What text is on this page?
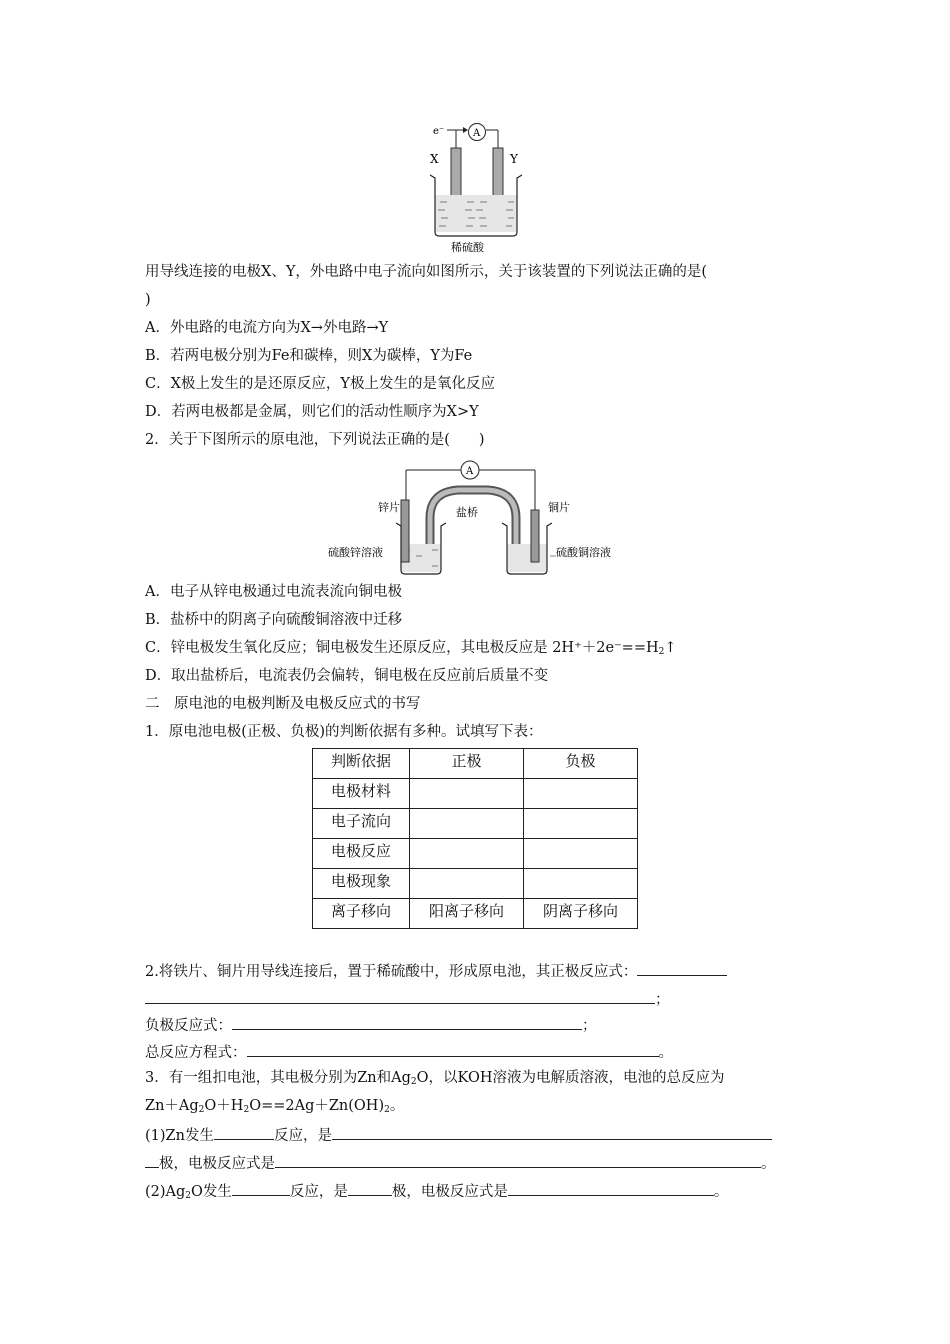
e⁻	A
X	Y
稀硫酸
用导线连接的电极X、Y，外电路中电子流向如图所示，关于该装置的下列说法正确的是(
)
A．外电路的电流方向为X→外电路→Y
B．若两电极分别为Fe和碳棒，则X为碳棒，Y为Fe
C．X极上发生的是还原反应，Y极上发生的是氧化反应
D．若两电极都是金属，则它们的活动性顺序为X>Y
2．关于下图所示的原电池，下列说法正确的是(　　)
A
锌片	盐桥	铜片
硫酸锌溶液	硫酸铜溶液
A．电子从锌电极通过电流表流向铜电极
B．盐桥中的阴离子向硫酸铜溶液中迁移
C．锌电极发生氧化反应；铜电极发生还原反应，其电极反应是 $2H^++2e^-==H_2↑$
D．取出盐桥后，电流表仍会偏转，铜电极在反应前后质量不变
二　原电池的电极判断及电极反应式的书写
1．原电池电极(正极、负极)的判断依据有多种。试填写下表：
判断依据	正极	负极
电极材料		
电子流向		
电极反应		
电极现象		
离子移向	阳离子移向	阴离子移向
2.将铁片、铜片用导线连接后，置于稀硫酸中，形成原电池，其正极反应式：
；
负极反应式：	；
总反应方程式：	。
3．有一组扣电池，其电极分别为Zn和$Ag_2O$，以KOH溶液为电解质溶液，电池的总反应为
$Zn+Ag_2O+H_2O==2Ag+Zn(OH)_2$。
(1)Zn发生	反应，是
极，电极反应式是	。
$(2)Ag_2O$发生	反应，是	极，电极反应式是	。
